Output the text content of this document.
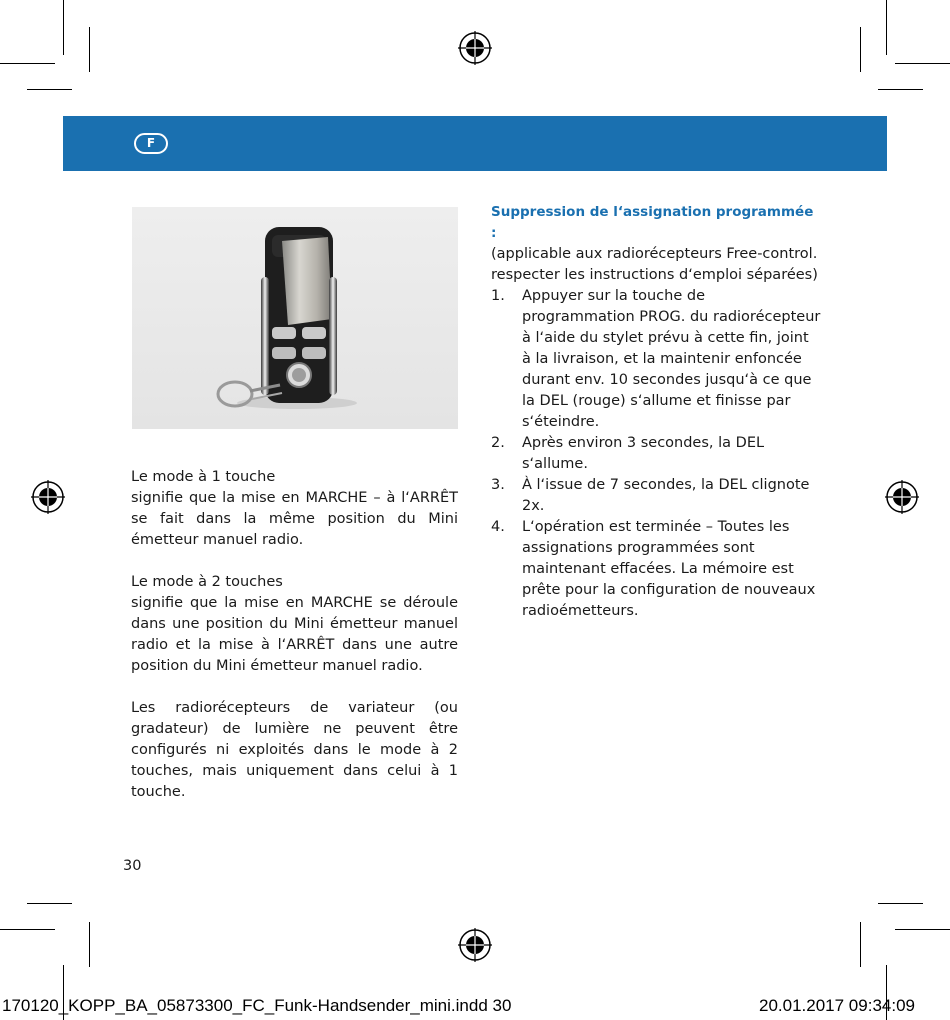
F

Le mode à 1 touche
signifie que la mise en MARCHE – à l‘ARRÊT se fait dans la même position du Mini émetteur manuel radio.

Le mode à 2 touches
signifie que la mise en MARCHE se déroule dans une position du Mini émetteur manuel radio et la mise à l‘ARRÊT dans une autre position du Mini émetteur manuel radio.

Les radiorécepteurs de variateur (ou gradateur) de lumière ne peuvent être configurés ni exploités dans le mode à 2 touches, mais uniquement dans celui à 1 touche.

Suppression de l‘assignation programmée :
(applicable aux radiorécepteurs Free-control. respecter les instructions d‘emploi séparées)
1. Appuyer sur la touche de programmation PROG. du radiorécepteur à l‘aide du stylet prévu à cette fin, joint à la livraison, et la maintenir enfoncée durant env. 10 secondes jusqu‘à ce que la DEL (rouge) s‘allume et finisse par s‘éteindre.
2. Après environ 3 secondes, la DEL s‘allume.
3. À l‘issue de 7 secondes, la DEL clignote 2x.
4. L‘opération est terminée – Toutes les assignations programmées sont maintenant effacées. La mémoire est prête pour la configuration de nouveaux radioémetteurs.
30
170120_KOPP_BA_05873300_FC_Funk-Handsender_mini.indd 30	20.01.2017 09:34:09
